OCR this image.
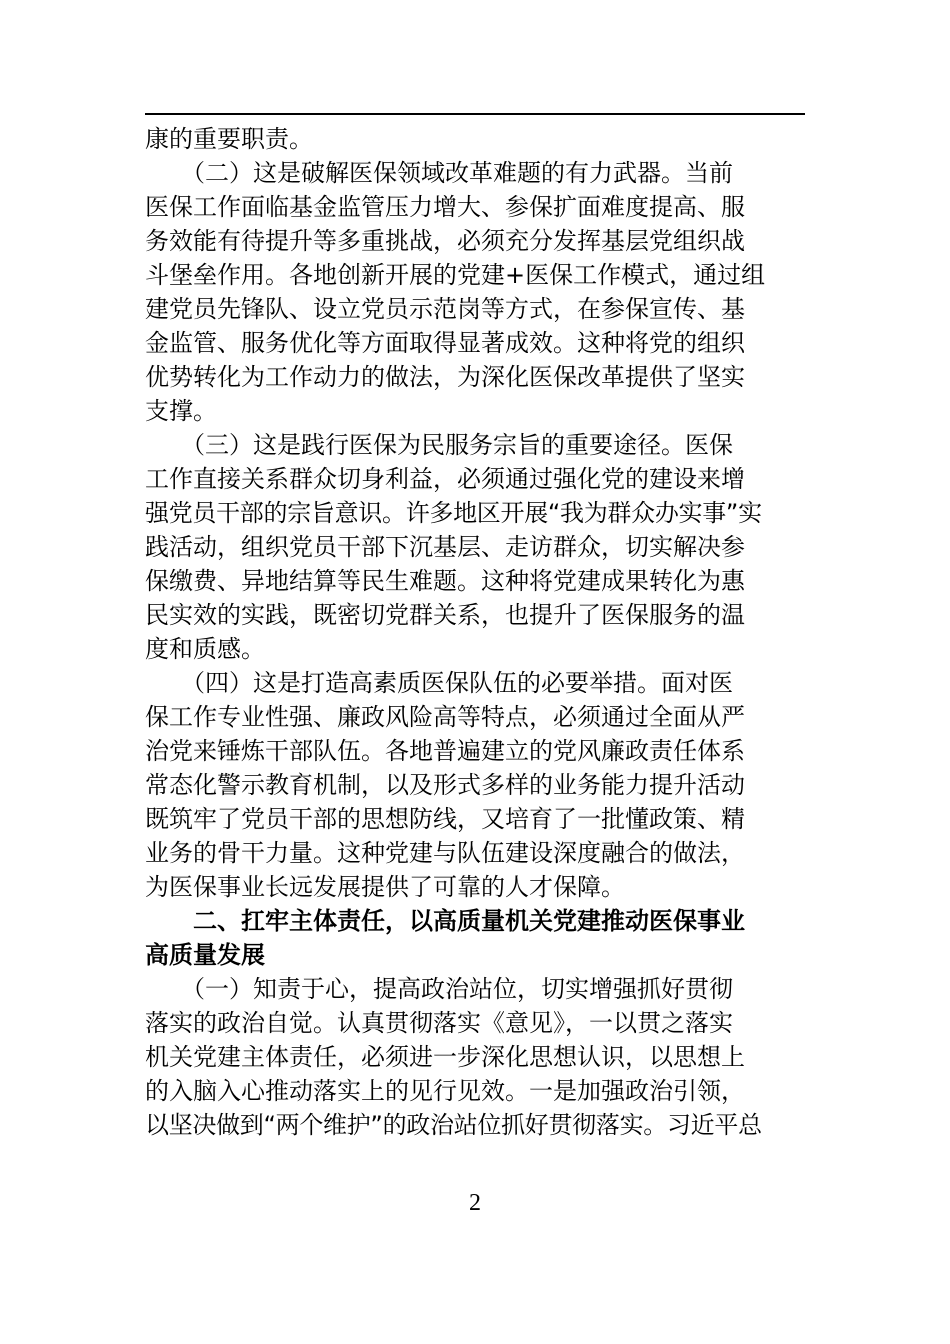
康的重要职责。
　　（二）这是破解医保领域改革难题的有力武器。当前
医保工作面临基金监管压力增大、参保扩面难度提高、服
务效能有待提升等多重挑战，必须充分发挥基层党组织战
斗堡垒作用。各地创新开展的党建+医保工作模式，通过组
建党员先锋队、设立党员示范岗等方式，在参保宣传、基
金监管、服务优化等方面取得显著成效。这种将党的组织
优势转化为工作动力的做法，为深化医保改革提供了坚实
支撑。
　　（三）这是践行医保为民服务宗旨的重要途径。医保
工作直接关系群众切身利益，必须通过强化党的建设来增
强党员干部的宗旨意识。许多地区开展“我为群众办实事”实
践活动，组织党员干部下沉基层、走访群众，切实解决参
保缴费、异地结算等民生难题。这种将党建成果转化为惠
民实效的实践，既密切党群关系，也提升了医保服务的温
度和质感。
　　（四）这是打造高素质医保队伍的必要举措。面对医
保工作专业性强、廉政风险高等特点，必须通过全面从严
治党来锤炼干部队伍。各地普遍建立的党风廉政责任体系
常态化警示教育机制，以及形式多样的业务能力提升活动
既筑牢了党员干部的思想防线，又培育了一批懂政策、精
业务的骨干力量。这种党建与队伍建设深度融合的做法，
为医保事业长远发展提供了可靠的人才保障。
　　二、扛牢主体责任，以高质量机关党建推动医保事业
高质量发展
　　（一）知责于心，提高政治站位，切实增强抓好贯彻
落实的政治自觉。认真贯彻落实《意见》，一以贯之落实
机关党建主体责任，必须进一步深化思想认识，以思想上
的入脑入心推动落实上的见行见效。一是加强政治引领，
以坚决做到“两个维护”的政治站位抓好贯彻落实。习近平总
2
